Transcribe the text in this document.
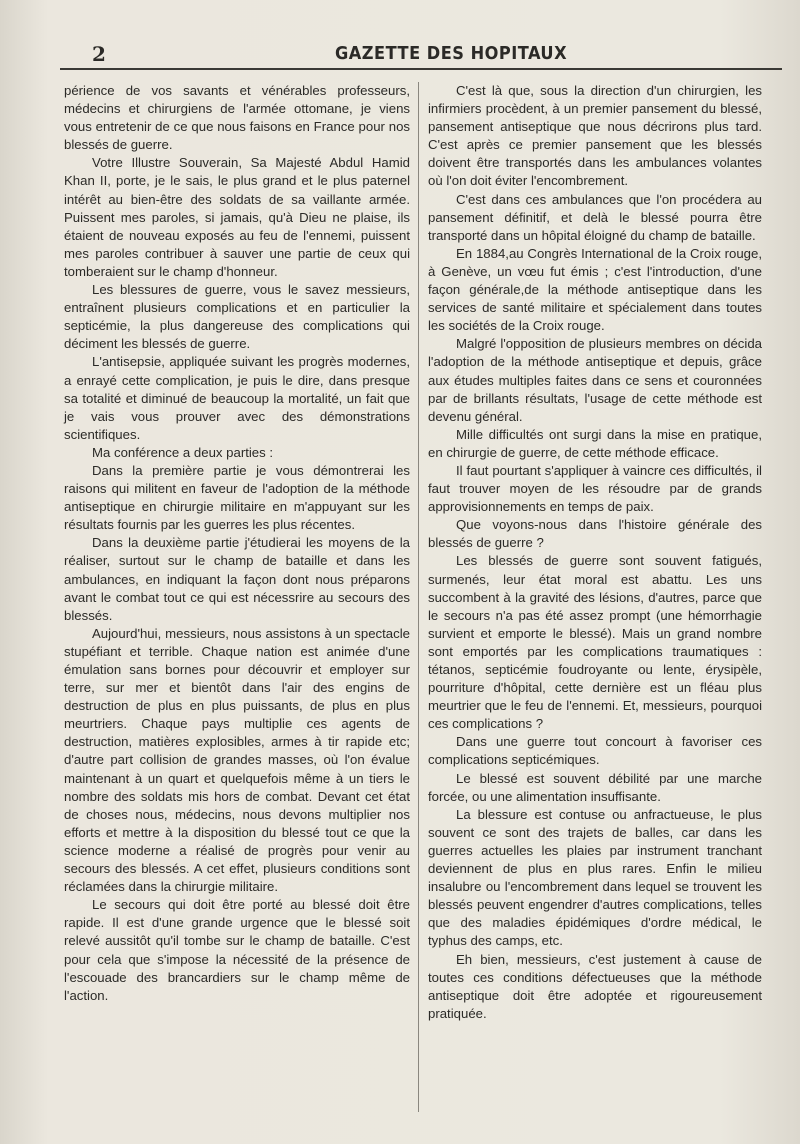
2	GAZETTE DES HOPITAUX

périence de vos savants et vénérables professeurs, médecins et chirurgiens de l'armée ottomane, je viens vous entretenir de ce que nous faisons en France pour nos blessés de guerre.

Votre Illustre Souverain, Sa Majesté Abdul Hamid Khan II, porte, je le sais, le plus grand et le plus paternel intérêt au bien-être des soldats de sa vaillante armée. Puissent mes paroles, si jamais, qu'à Dieu ne plaise, ils étaient de nouveau exposés au feu de l'ennemi, puissent mes paroles contribuer à sauver une partie de ceux qui tomberaient sur le champ d'honneur.

Les blessures de guerre, vous le savez messieurs, entraînent plusieurs complications et en particulier la septicémie, la plus dangereuse des complications qui déciment les blessés de guerre.

L'antisepsie, appliquée suivant les progrès modernes, a enrayé cette complication, je puis le dire, dans presque sa totalité et diminué de beaucoup la mortalité, un fait que je vais vous prouver avec des démonstrations scientifiques.

Ma conférence a deux parties :

Dans la première partie je vous démontrerai les raisons qui militent en faveur de l'adoption de la méthode antiseptique en chirurgie militaire en m'appuyant sur les résultats fournis par les guerres les plus récentes.

Dans la deuxième partie j'étudierai les moyens de la réaliser, surtout sur le champ de bataille et dans les ambulances, en indiquant la façon dont nous préparons avant le combat tout ce qui est nécessrire au secours des blessés.

Aujourd'hui, messieurs, nous assistons à un spectacle stupéfiant et terrible. Chaque nation est animée d'une émulation sans bornes pour découvrir et employer sur terre, sur mer et bientôt dans l'air des engins de destruction de plus en plus puissants, de plus en plus meurtriers. Chaque pays multiplie ces agents de destruction, matières explosibles, armes à tir rapide etc; d'autre part collision de grandes masses, où l'on évalue maintenant à un quart et quelquefois même à un tiers le nombre des soldats mis hors de combat. Devant cet état de choses nous, médecins, nous devons multiplier nos efforts et mettre à la disposition du blessé tout ce que la science moderne a réalisé de progrès pour venir au secours des blessés. A cet effet, plusieurs conditions sont réclamées dans la chirurgie militaire.

Le secours qui doit être porté au blessé doit être rapide. Il est d'une grande urgence que le blessé soit relevé aussitôt qu'il tombe sur le champ de bataille. C'est pour cela que s'impose la nécessité de la présence de l'escouade des brancardiers sur le champ même de l'action.

C'est là que, sous la direction d'un chirurgien, les infirmiers procèdent, à un premier pansement du blessé, pansement antiseptique que nous décrirons plus tard. C'est après ce premier pansement que les blessés doivent être transportés dans les ambulances volantes où l'on doit éviter l'encombrement.

C'est dans ces ambulances que l'on procédera au pansement définitif, et delà le blessé pourra être transporté dans un hôpital éloigné du champ de bataille.

En 1884,au Congrès International de la Croix rouge, à Genève, un vœu fut émis ; c'est l'introduction, d'une façon générale,de la méthode antiseptique dans les services de santé militaire et spécialement dans toutes les sociétés de la Croix rouge.

Malgré l'opposition de plusieurs membres on décida l'adoption de la méthode antiseptique et depuis, grâce aux études multiples faites dans ce sens et couronnées par de brillants résultats, l'usage de cette méthode est devenu général.

Mille difficultés ont surgi dans la mise en pratique, en chirurgie de guerre, de cette méthode efficace.

Il faut pourtant s'appliquer à vaincre ces difficultés, il faut trouver moyen de les résoudre par de grands approvisionnements en temps de paix.

Que voyons-nous dans l'histoire générale des blessés de guerre ?

Les blessés de guerre sont souvent fatigués, surmenés, leur état moral est abattu. Les uns succombent à la gravité des lésions, d'autres, parce que le secours n'a pas été assez prompt (une hémorrhagie survient et emporte le blessé). Mais un grand nombre sont emportés par les complications traumatiques : tétanos, septicémie foudroyante ou lente, érysipèle, pourriture d'hôpital, cette dernière est un fléau plus meurtrier que le feu de l'ennemi. Et, messieurs, pourquoi ces complications ?

Dans une guerre tout concourt à favoriser ces complications septicémiques.

Le blessé est souvent débilité par une marche forcée, ou une alimentation insuffisante.

La blessure est contuse ou anfractueuse, le plus souvent ce sont des trajets de balles, car dans les guerres actuelles les plaies par instrument tranchant deviennent de plus en plus rares. Enfin le milieu insalubre ou l'encombrement dans lequel se trouvent les blessés peuvent engendrer d'autres complications, telles que des maladies épidémiques d'ordre médical, le typhus des camps, etc.

Eh bien, messieurs, c'est justement à cause de toutes ces conditions défectueuses que la méthode antiseptique doit être adoptée et rigoureusement pratiquée.
